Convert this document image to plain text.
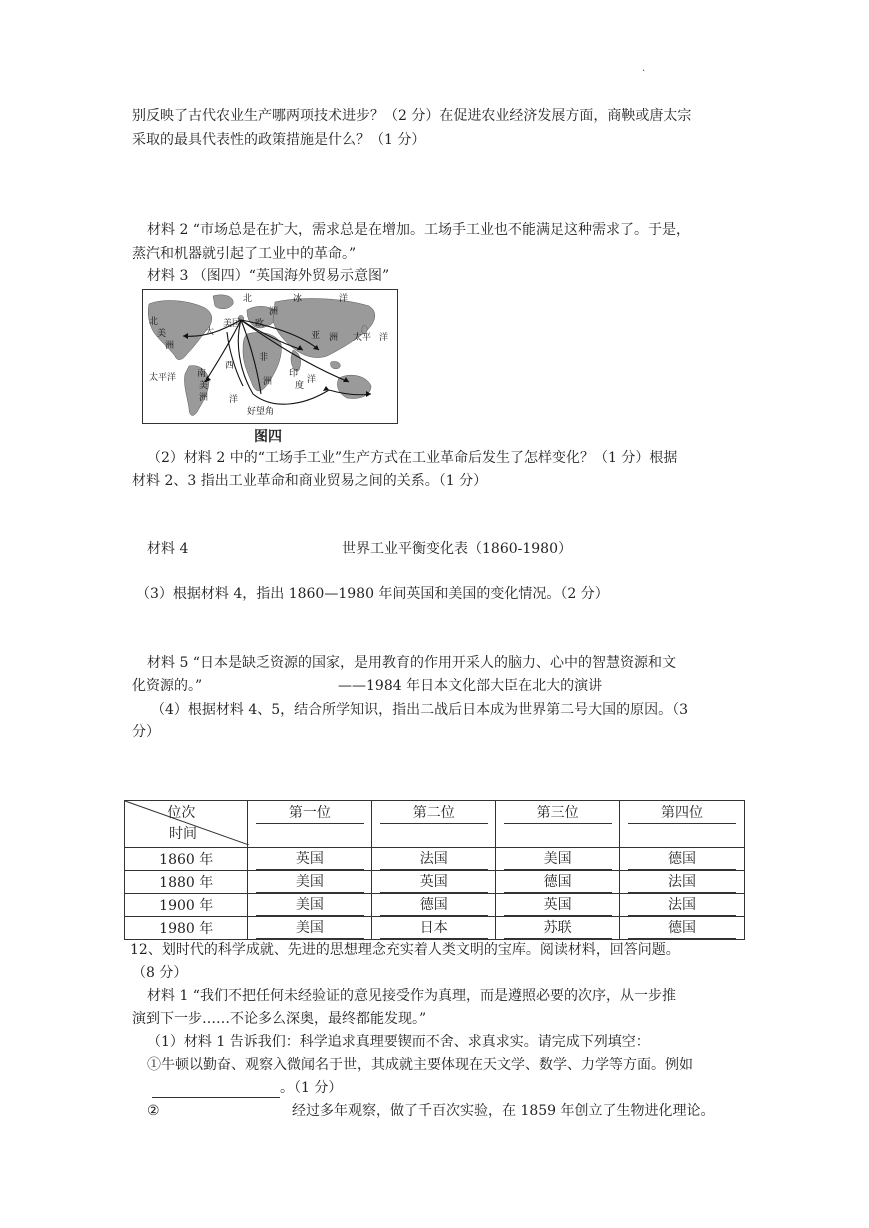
·
别反映了古代农业生产哪两项技术进步？（2 分）在促进农业经济发展方面，商鞅或唐太宗
采取的最具代表性的政策措施是什么？（1 分）
材料 2 “市场总是在扩大，需求总是在增加。工场手工业也不能满足这种需求了。于是，
蒸汽和机器就引起了工业中的革命。”
材料 3 （图四）“英国海外贸易示意图”
北	冰	洋
北
美
洲
大
美国 欧
洲
亚 洲
太平洋
西
非
洲
印
度
洋
太平 洋
南
美
洲 洋
好望角
图四
（2）材料 2 中的“工场手工业”生产方式在工业革命后发生了怎样变化？（1 分）根据
材料 2、3 指出工业革命和商业贸易之间的关系。（1 分）
材料 4	世界工业平衡变化表（1860-1980）
（3）根据材料 4，指出 1860—1980 年间英国和美国的变化情况。（2 分）
材料 5 “日本是缺乏资源的国家，是用教育的作用开采人的脑力、心中的智慧资源和文
化资源的。”	——1984 年日本文化部大臣在北大的演讲
（4）根据材料 4、5，结合所学知识，指出二战后日本成为世界第二号大国的原因。（3
分）
位次
时间	第一位	第二位	第三位	第四位
1860 年	英国	法国	美国	德国
1880 年	美国	英国	德国	法国
1900 年	美国	德国	英国	法国
1980 年	美国	日本	苏联	德国
12、划时代的科学成就、先进的思想理念充实着人类文明的宝库。阅读材料，回答问题。
（8 分）
材料 1 “我们不把任何未经验证的意见接受作为真理，而是遵照必要的次序，从一步推
演到下一步……不论多么深奥，最终都能发现。”
（1）材料 1 告诉我们：科学追求真理要锲而不舍、求真求实。请完成下列填空：
①牛顿以勤奋、观察入微闻名于世，其成就主要体现在天文学、数学、力学等方面。例如
。（1 分）
②	经过多年观察，做了千百次实验，在 1859 年创立了生物进化理论。
